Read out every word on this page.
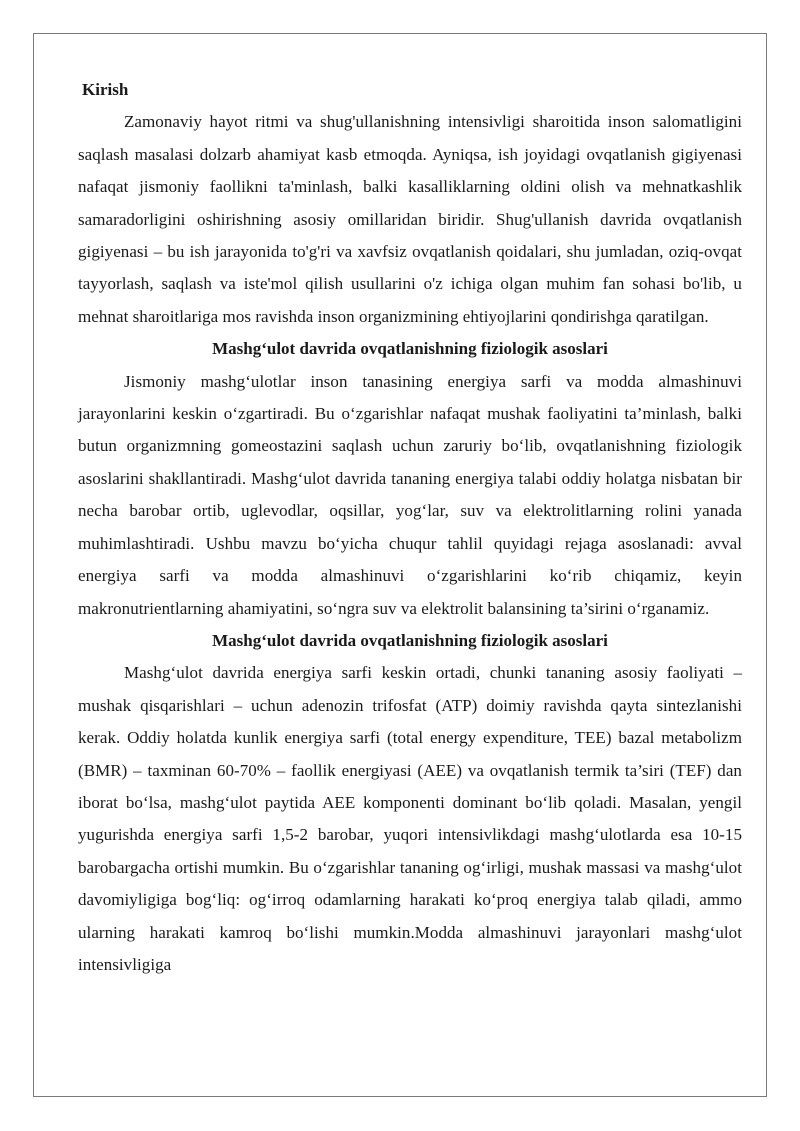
Kirish

Zamonaviy hayot ritmi va shug'ullanishning intensivligi sharoitida inson salomatligini saqlash masalasi dolzarb ahamiyat kasb etmoqda. Ayniqsa, ish joyidagi ovqatlanish gigiyenasi nafaqat jismoniy faollikni ta'minlash, balki kasalliklarning oldini olish va mehnatkashlik samaradorligini oshirishning asosiy omillaridan biridir. Shug'ullanish davrida ovqatlanish gigiyenasi – bu ish jarayonida to'g'ri va xavfsiz ovqatlanish qoidalari, shu jumladan, oziq-ovqat tayyorlash, saqlash va iste'mol qilish usullarini o'z ichiga olgan muhim fan sohasi bo'lib, u mehnat sharoitlariga mos ravishda inson organizmining ehtiyojlarini qondirishga qaratilgan.

Mashg‘ulot davrida ovqatlanishning fiziologik asoslari

Jismoniy mashg‘ulotlar inson tanasining energiya sarfi va modda almashinuvi jarayonlarini keskin o‘zgartiradi. Bu o‘zgarishlar nafaqat mushak faoliyatini ta’minlash, balki butun organizmning gomeostazini saqlash uchun zaruriy bo‘lib, ovqatlanishning fiziologik asoslarini shakllantiradi. Mashg‘ulot davrida tananing energiya talabi oddiy holatga nisbatan bir necha barobar ortib, uglevodlar, oqsillar, yog‘lar, suv va elektrolitlarning rolini yanada muhimlashtiradi. Ushbu mavzu bo‘yicha chuqur tahlil quyidagi rejaga asoslanadi: avval energiya sarfi va modda almashinuvi o‘zgarishlarini ko‘rib chiqamiz, keyin makronutrientlarning ahamiyatini, so‘ngra suv va elektrolit balansining ta’sirini o‘rganamiz.

Mashg‘ulot davrida ovqatlanishning fiziologik asoslari

Mashg‘ulot davrida energiya sarfi keskin ortadi, chunki tananing asosiy faoliyati – mushak qisqarishlari – uchun adenozin trifosfat (ATP) doimiy ravishda qayta sintezlanishi kerak. Oddiy holatda kunlik energiya sarfi (total energy expenditure, TEE) bazal metabolizm (BMR) – taxminan 60-70% – faollik energiyasi (AEE) va ovqatlanish termik ta’siri (TEF) dan iborat bo‘lsa, mashg‘ulot paytida AEE komponenti dominant bo‘lib qoladi. Masalan, yengil yugurishda energiya sarfi 1,5-2 barobar, yuqori intensivlikdagi mashg‘ulotlarda esa 10-15 barobargacha ortishi mumkin. Bu o‘zgarishlar tananing og‘irligi, mushak massasi va mashg‘ulot davomiyligiga bog‘liq: og‘irroq odamlarning harakati ko‘proq energiya talab qiladi, ammo ularning harakati kamroq bo‘lishi mumkin.Modda almashinuvi jarayonlari mashg‘ulot intensivligiga
